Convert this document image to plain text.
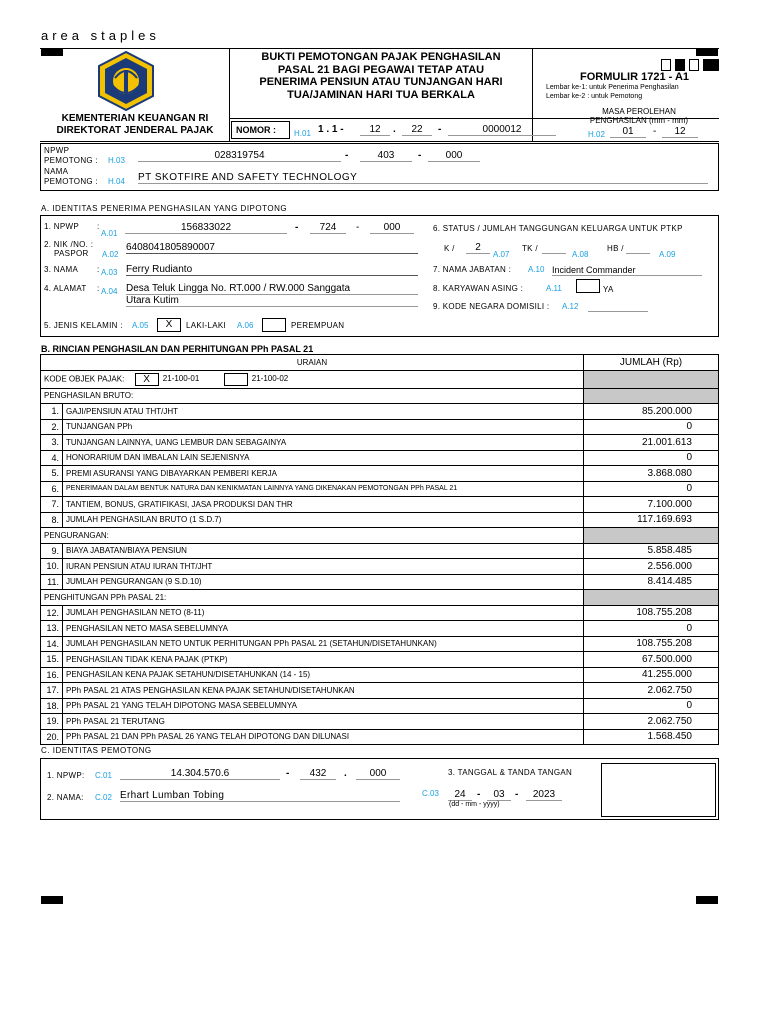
area staples
KEMENTERIAN KEUANGAN RI
DIREKTORAT JENDERAL PAJAK
BUKTI PEMOTONGAN PAJAK PENGHASILAN
PASAL 21 BAGI PEGAWAI TETAP ATAU
PENERIMA PENSIUN ATAU TUNJANGAN HARI
TUA/JAMINAN HARI TUA BERKALA
FORMULIR 1721 - A1
Lembar ke-1: untuk Penerima Penghasilan
Lembar ke-2 : untuk Pemotong
NOMOR : H.01 1 . 1 -	12	.	22	-	0000012
MASA PEROLEHAN
PENGHASILAN (mm - mm)
H.02	01	-	12
NPWP
PEMOTONG : H.03	028319754	-	403	-	000
NAMA
PEMOTONG : H.04 PT SKOTFIRE AND SAFETY TECHNOLOGY
A. IDENTITAS PENERIMA PENGHASILAN YANG DIPOTONG
1. NPWP :
A.01
156833022	-	724	-	000
2. NIK /NO. :
PASPOR	A.02
6408041805890007
3. NAMA : A.03 Ferry Rudianto
4. ALAMAT : A.04 Desa Teluk Lingga No. RT.000 / RW.000 Sanggata
Utara Kutim
5. JENIS KELAMIN : A.05	X	LAKI-LAKI A.06	PEREMPUAN
6. STATUS / JUMLAH TANGGUNGAN KELUARGA UNTUK PTKP
K /	2
A.07
TK /
A.08
HB /
A.09
7. NAMA JABATAN : A.10 Incident Commander
8. KARYAWAN ASING :	A.11	YA
9. KODE NEGARA DOMISILI : A.12
B. RINCIAN PENGHASILAN DAN PERHITUNGAN PPh PASAL 21
URAIAN		JUMLAH (Rp)
KODE OBJEK PAJAK: X 21-100-01 21-100-02		
PENGHASILAN BRUTO:		
1.	GAJI/PENSIUN ATAU THT/JHT	85.200.000
2.	TUNJANGAN PPh	0
3.	TUNJANGAN LAINNYA, UANG LEMBUR DAN SEBAGAINYA	21.001.613
4.	HONORARIUM DAN IMBALAN LAIN SEJENISNYA	0
5.	PREMI ASURANSI YANG DIBAYARKAN PEMBERI KERJA	3.868.080
6.	PENERIMAAN DALAM BENTUK NATURA DAN KENIKMATAN LAINNYA YANG DIKENAKAN PEMOTONGAN PPh PASAL 21	0
7.	TANTIEM, BONUS, GRATIFIKASI, JASA PRODUKSI DAN THR	7.100.000
8.	JUMLAH PENGHASILAN BRUTO (1 S.D.7)	117.169.693
PENGURANGAN:		
9.	BIAYA JABATAN/BIAYA PENSIUN	5.858.485
10.	IURAN PENSIUN ATAU IURAN THT/JHT	2.556.000
11.	JUMLAH PENGURANGAN (9 S.D.10)	8.414.485
PENGHITUNGAN PPh PASAL 21:		
12.	JUMLAH PENGHASILAN NETO (8-11)	108.755.208
13.	PENGHASILAN NETO MASA SEBELUMNYA	0
14.	JUMLAH PENGHASILAN NETO UNTUK PERHITUNGAN PPh PASAL 21 (SETAHUN/DISETAHUNKAN)	108.755.208
15.	PENGHASILAN TIDAK KENA PAJAK (PTKP)	67.500.000
16.	PENGHASILAN KENA PAJAK SETAHUN/DISETAHUNKAN (14 - 15)	41.255.000
17.	PPh PASAL 21 ATAS PENGHASILAN KENA PAJAK SETAHUN/DISETAHUNKAN	2.062.750
18.	PPh PASAL 21 YANG TELAH DIPOTONG MASA SEBELUMNYA	0
19.	PPh PASAL 21 TERUTANG	2.062.750
20.	PPh PASAL 21 DAN PPh PASAL 26 YANG TELAH DIPOTONG DAN DILUNASI	1.568.450
C. IDENTITAS PEMOTONG
1. NPWP: C.01	14.304.570.6	-	432	.	000
2. NAMA: C.02 Erhart Lumban Tobing
3. TANGGAL & TANDA TANGAN
C.03	24	-	03	-	2023
(dd - mm - yyyy)
